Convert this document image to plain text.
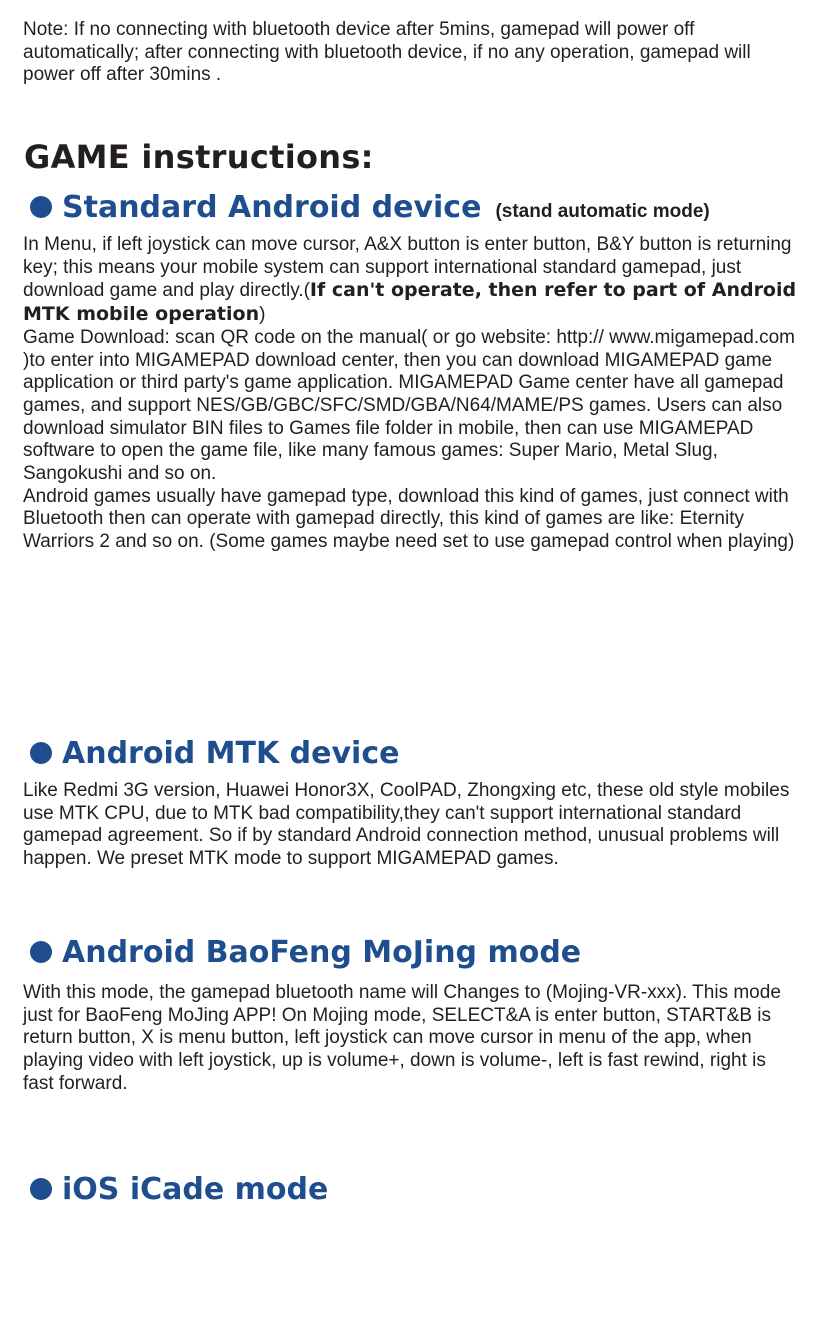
Note: If no connecting with bluetooth device after 5mins, gamepad will power off automatically; after connecting with bluetooth device, if no any operation, gamepad will power off after 30mins .

GAME instructions:
Standard Android device (stand automatic mode)
In Menu, if left joystick can move cursor, A&X button is enter button, B&Y button is returning key; this means your mobile system can support international standard gamepad, just download game and play directly.(If can't operate, then refer to part of Android MTK mobile operation)
Game Download: scan QR code on the manual( or go website: http:// www.migamepad.com )to enter into MIGAMEPAD download center, then you can download MIGAMEPAD game application or third party's game application. MIGAMEPAD Game center have all gamepad games, and support NES/GB/GBC/SFC/SMD/GBA/N64/MAME/PS games. Users can also download simulator BIN files to Games file folder in mobile, then can use MIGAMEPAD software to open the game file, like many famous games: Super Mario, Metal Slug, Sangokushi and so on.
Android games usually have gamepad type, download this kind of games, just connect with Bluetooth then can operate with gamepad directly, this kind of games are like: Eternity Warriors 2 and so on. (Some games maybe need set to use gamepad control when playing)
Android MTK device

Like Redmi 3G version, Huawei Honor3X, CoolPAD, Zhongxing etc, these old style mobiles use MTK CPU, due to MTK bad compatibility,they can't support international standard gamepad agreement. So if by standard Android connection method, unusual problems will happen. We preset MTK mode to support MIGAMEPAD games.

Android BaoFeng MoJing mode

With this mode, the gamepad bluetooth name will Changes to (Mojing-VR-xxx). This mode just for BaoFeng MoJing APP! On Mojing mode, SELECT&A is enter button, START&B is return button, X is menu button, left joystick can move cursor in menu of the app, when playing video with left joystick, up is volume+, down is volume-, left is fast rewind, right is fast forward.

iOS iCade mode
